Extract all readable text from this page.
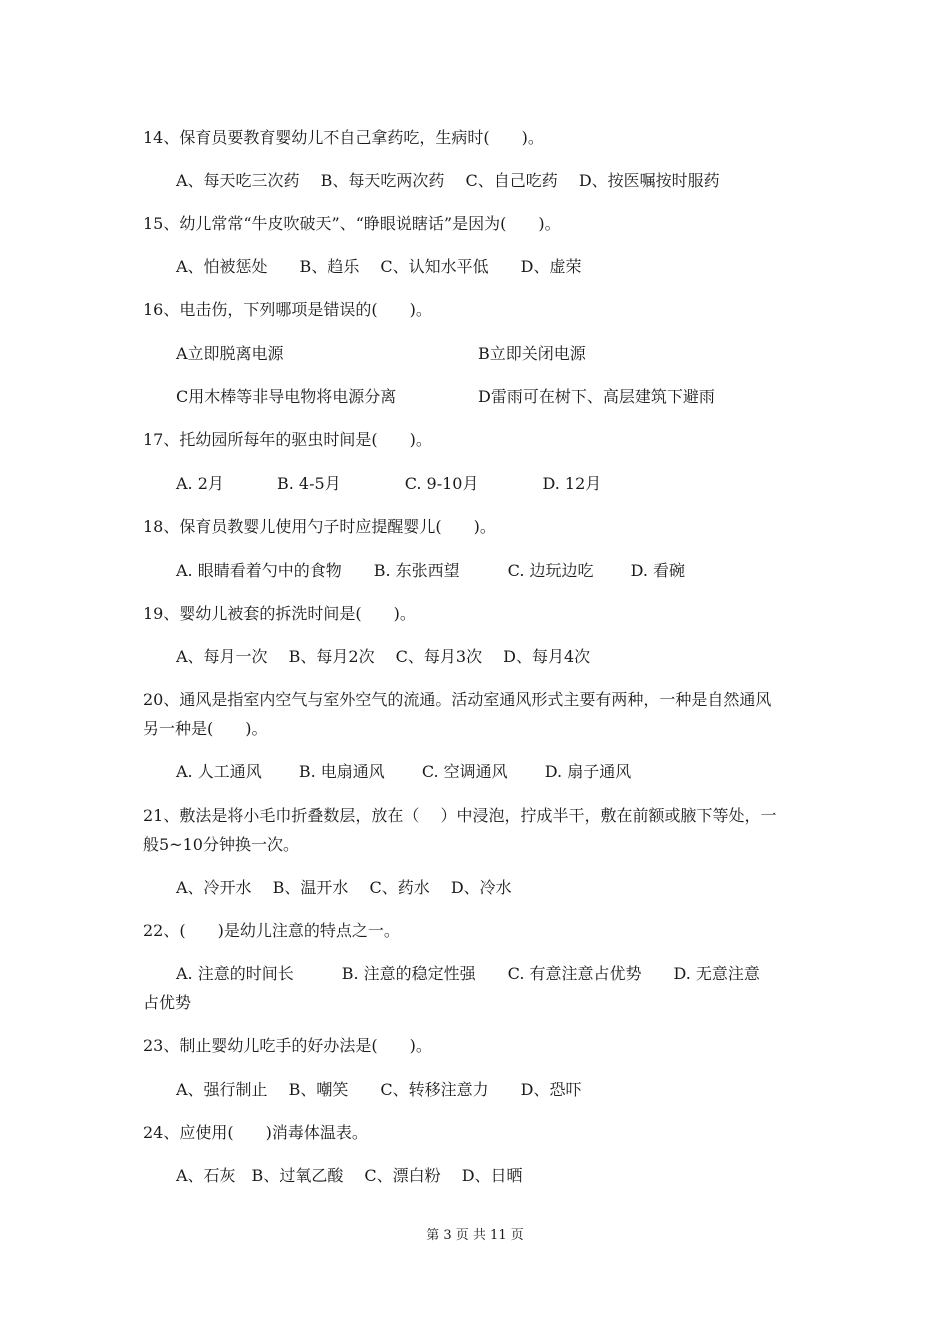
14、保育员要教育婴幼儿不自己拿药吃，生病时(　　)。
A、每天吃三次药　 B、每天吃两次药　 C、自己吃药　 D、按医嘱按时服药
15、幼儿常常“牛皮吹破天”、“睁眼说瞎话”是因为(　　)。
A、怕被惩处　　B、趋乐　 C、认知水平低　　D、虚荣
16、电击伤，下列哪项是错误的(　　)。
A立即脱离电源	B立即关闭电源
C用木棒等非导电物将电源分离	D雷雨可在树下、高层建筑下避雨
17、托幼园所每年的驱虫时间是(　　)。
A. 2月　　　 B. 4-5月　　　　C. 9-10月　　　　D. 12月
18、保育员教婴儿使用勺子时应提醒婴儿(　　)。
A. 眼睛看着勺中的食物　　B. 东张西望　　　C. 边玩边吃　　 D. 看碗
19、婴幼儿被套的拆洗时间是(　　)。
A、每月一次　 B、每月2次　 C、每月3次　 D、每月4次
20、通风是指室内空气与室外空气的流通。活动室通风形式主要有两种，一种是自然通风
另一种是(　　)。
A. 人工通风　　 B. 电扇通风　　 C. 空调通风　　 D. 扇子通风
21、敷法是将小毛巾折叠数层，放在（　 ）中浸泡，拧成半干，敷在前额或腋下等处，一
般5~10分钟换一次。
A、冷开水　 B、温开水　 C、药水　 D、冷水
22、(　　)是幼儿注意的特点之一。
A. 注意的时间长　　　B. 注意的稳定性强　　C. 有意注意占优势　　D. 无意注意
占优势
23、制止婴幼儿吃手的好办法是(　　)。
A、强行制止　 B、嘲笑　　C、转移注意力　　D、恐吓
24、应使用(　　)消毒体温表。
A、石灰　B、过氧乙酸　 C、漂白粉　 D、日晒
第 3 页 共 11 页
